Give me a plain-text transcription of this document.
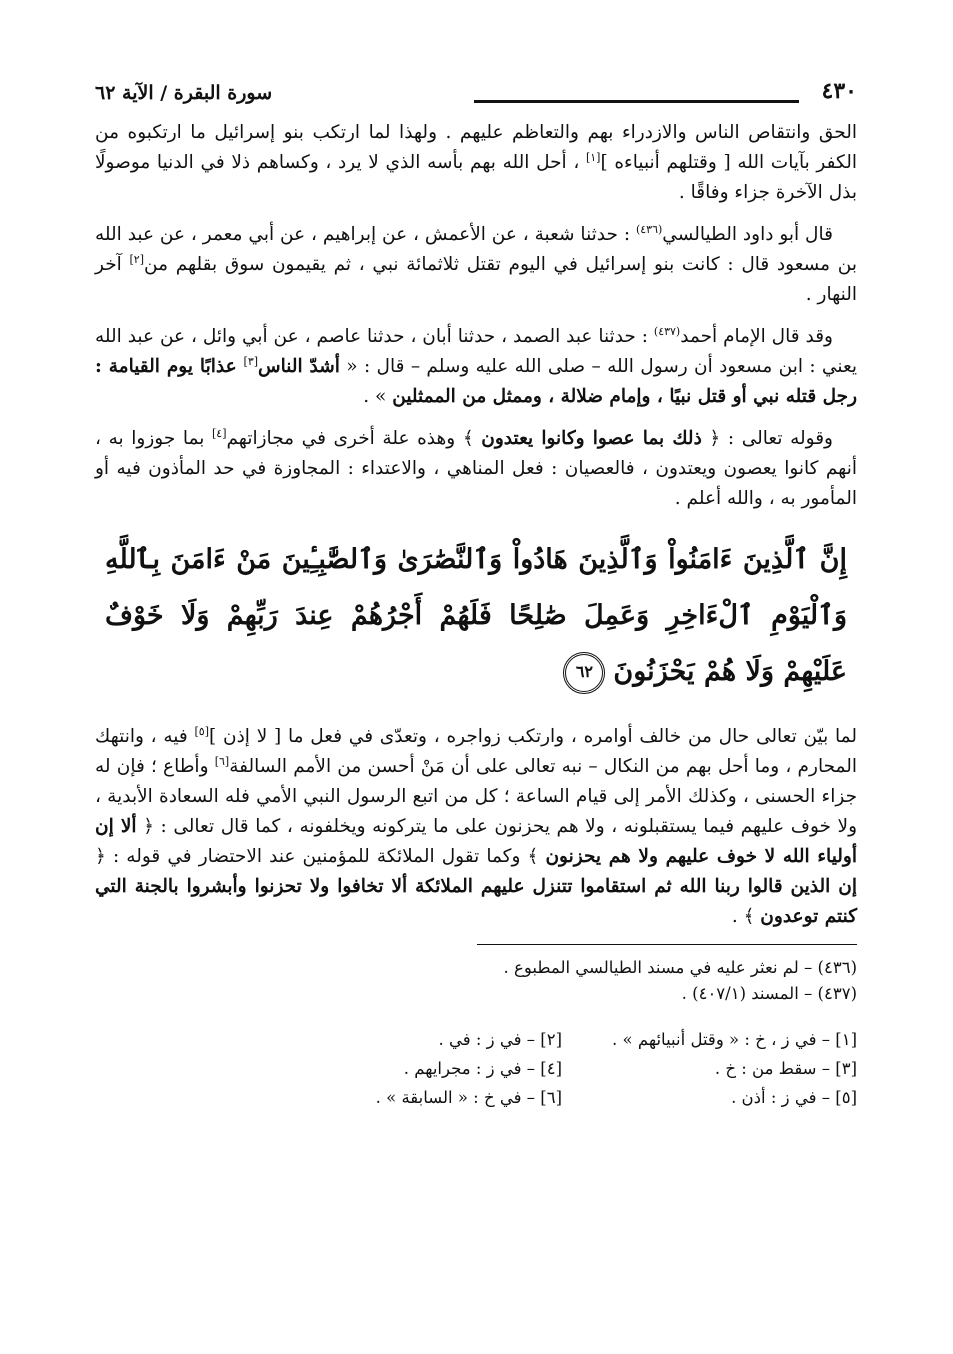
٤٣٠
سورة البقرة / الآية ٦٢

الحق وانتقاص الناس والازدراء بهم والتعاظم عليهم . ولهذا لما ارتكب بنو إسرائيل ما ارتكبوه من الكفر بآيات الله [ وقتلهم أنبياءه ][١] ، أحل الله بهم بأسه الذي لا يرد ، وكساهم ذلا في الدنيا موصولًا بذل الآخرة جزاء وفاقًا .

قال أبو داود الطيالسي$^{(٤٣٦)}$ : حدثنا شعبة ، عن الأعمش ، عن إبراهيم ، عن أبي معمر ، عن عبد الله بن مسعود قال : كانت بنو إسرائيل في اليوم تقتل ثلاثمائة نبي ، ثم يقيمون سوق بقلهم من[٢] آخر النهار .

وقد قال الإمام أحمد$^{(٤٣٧)}$ : حدثنا عبد الصمد ، حدثنا أبان ، حدثنا عاصم ، عن أبي وائل ، عن عبد الله يعني : ابن مسعود أن رسول الله – صلى الله عليه وسلم – قال : « أشدّ الناس[٣] عذابًا يوم القيامة : رجل قتله نبي أو قتل نبيًا ، وإمام ضلالة ، وممثل من الممثلين » .

وقوله تعالى : ﴿ ذلك بما عصوا وكانوا يعتدون ﴾ وهذه علة أخرى في مجازاتهم[٤] بما جوزوا به ، أنهم كانوا يعصون ويعتدون ، فالعصيان : فعل المناهي ، والاعتداء : المجاوزة في حد المأذون فيه أو المأمور به ، والله أعلم .

إِنَّ ٱلَّذِينَ ءَامَنُواْ وَٱلَّذِينَ هَادُواْ وَٱلنَّصَٰرَىٰ وَٱلصَّٰبِـِٔينَ مَنْ ءَامَنَ بِٱللَّهِ وَٱلْيَوْمِ ٱلْءَاخِرِ وَعَمِلَ صَٰلِحًا فَلَهُمْ أَجْرُهُمْ عِندَ رَبِّهِمْ وَلَا خَوْفٌ عَلَيْهِمْ وَلَا هُمْ يَحْزَنُونَ٦٢

لما بيّن تعالى حال من خالف أوامره ، وارتكب زواجره ، وتعدّى في فعل ما [ لا إذن ][٥] فيه ، وانتهك المحارم ، وما أحل بهم من النكال – نبه تعالى على أن مَنْ أحسن من الأمم السالفة[٦] وأطاع ؛ فإن له جزاء الحسنى ، وكذلك الأمر إلى قيام الساعة ؛ كل من اتبع الرسول النبي الأمي فله السعادة الأبدية ، ولا خوف عليهم فيما يستقبلونه ، ولا هم يحزنون على ما يتركونه ويخلفونه ، كما قال تعالى : ﴿ ألا إن أولياء الله لا خوف عليهم ولا هم يحزنون ﴾ وكما تقول الملائكة للمؤمنين عند الاحتضار في قوله : ﴿ إن الذين قالوا ربنا الله ثم استقاموا تتنزل عليهم الملائكة ألا تخافوا ولا تحزنوا وأبشروا بالجنة التي كنتم توعدون ﴾ .

(٤٣٦) – لم نعثر عليه في مسند الطيالسي المطبوع .

(٤٣٧) – المسند (٤٠٧/١) .

[١] – في ز ، خ : « وقتل أنبيائهم » .
[٢] – في ز : في .
[٣] – سقط من : خ .
[٤] – في ز : مجرايهم .
[٥] – في ز : أذن .
[٦] – في خ : « السابقة » .
